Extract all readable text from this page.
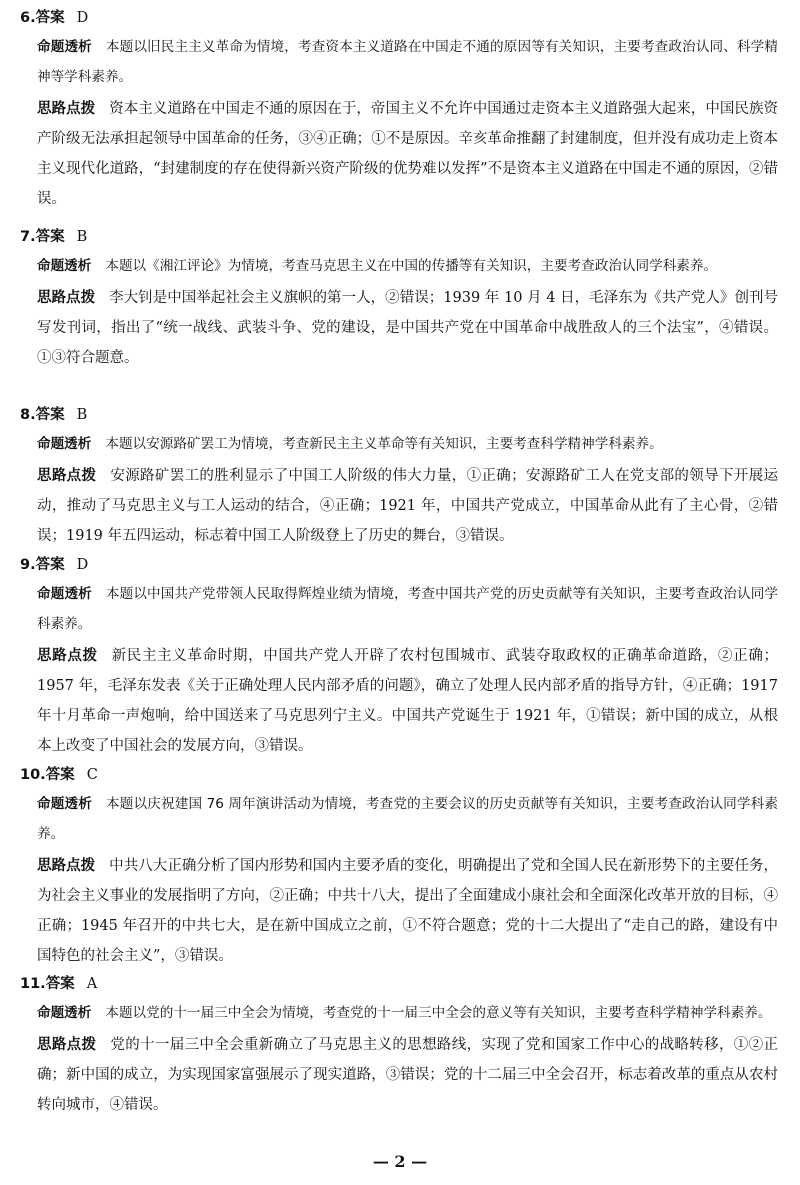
6.答案 D
命题透析 本题以旧民主主义革命为情境，考查资本主义道路在中国走不通的原因等有关知识，主要考查政治认同、科学精神等学科素养。
思路点拨 资本主义道路在中国走不通的原因在于，帝国主义不允许中国通过走资本主义道路强大起来，中国民族资产阶级无法承担起领导中国革命的任务，③④正确；①不是原因。辛亥革命推翻了封建制度，但并没有成功走上资本主义现代化道路，“封建制度的存在使得新兴资产阶级的优势难以发挥”不是资本主义道路在中国走不通的原因，②错误。
7.答案 B
命题透析 本题以《湘江评论》为情境，考查马克思主义在中国的传播等有关知识，主要考查政治认同学科素养。
思路点拨 李大钊是中国举起社会主义旗帜的第一人，②错误；1939 年 10 月 4 日，毛泽东为《共产党人》创刊号写发刊词，指出了“统一战线、武装斗争、党的建设，是中国共产党在中国革命中战胜敌人的三个法宝”，④错误。①③符合题意。
8.答案 B
命题透析 本题以安源路矿罢工为情境，考查新民主主义革命等有关知识，主要考查科学精神学科素养。
思路点拨 安源路矿罢工的胜利显示了中国工人阶级的伟大力量，①正确；安源路矿工人在党支部的领导下开展运动，推动了马克思主义与工人运动的结合，④正确；1921 年，中国共产党成立，中国革命从此有了主心骨，②错误；1919 年五四运动，标志着中国工人阶级登上了历史的舞台，③错误。
9.答案 D
命题透析 本题以中国共产党带领人民取得辉煌业绩为情境，考查中国共产党的历史贡献等有关知识，主要考查政治认同学科素养。
思路点拨 新民主主义革命时期，中国共产党人开辟了农村包围城市、武装夺取政权的正确革命道路，②正确；1957 年，毛泽东发表《关于正确处理人民内部矛盾的问题》，确立了处理人民内部矛盾的指导方针，④正确；1917 年十月革命一声炮响，给中国送来了马克思列宁主义。中国共产党诞生于 1921 年，①错误；新中国的成立，从根本上改变了中国社会的发展方向，③错误。
10.答案 C
命题透析 本题以庆祝建国 76 周年演讲活动为情境，考查党的主要会议的历史贡献等有关知识，主要考查政治认同学科素养。
思路点拨 中共八大正确分析了国内形势和国内主要矛盾的变化，明确提出了党和全国人民在新形势下的主要任务，为社会主义事业的发展指明了方向，②正确；中共十八大，提出了全面建成小康社会和全面深化改革开放的目标，④正确；1945 年召开的中共七大，是在新中国成立之前，①不符合题意；党的十二大提出了“走自己的路，建设有中国特色的社会主义”，③错误。
11.答案 A
命题透析 本题以党的十一届三中全会为情境，考查党的十一届三中全会的意义等有关知识，主要考查科学精神学科素养。
思路点拨 党的十一届三中全会重新确立了马克思主义的思想路线，实现了党和国家工作中心的战略转移，①②正确；新中国的成立，为实现国家富强展示了现实道路，③错误；党的十二届三中全会召开，标志着改革的重点从农村转向城市，④错误。
— 2 —
